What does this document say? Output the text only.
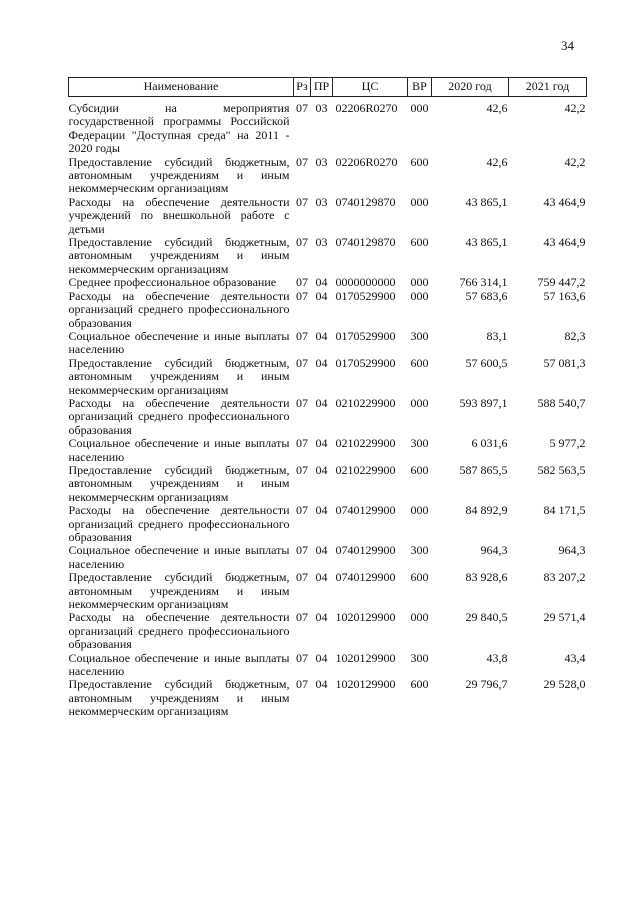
34
Наименование	Рз	ПР	ЦС	ВР	2020 год	2021 год
Субсидии на мероприятия государственной программы Российской Федерации "Доступная среда" на 2011 - 2020 годы	07	03	02206R0270	000	42,6	42,2
Предоставление субсидий бюджетным, автономным учреждениям и иным некоммерческим организациям	07	03	02206R0270	600	42,6	42,2
Расходы на обеспечение деятельности учреждений по внешкольной работе с детьми	07	03	0740129870	000	43 865,1	43 464,9
Предоставление субсидий бюджетным, автономным учреждениям и иным некоммерческим организациям	07	03	0740129870	600	43 865,1	43 464,9
Среднее профессиональное образование	07	04	0000000000	000	766 314,1	759 447,2
Расходы на обеспечение деятельности организаций среднего профессионального образования	07	04	0170529900	000	57 683,6	57 163,6
Социальное обеспечение и иные выплаты населению	07	04	0170529900	300	83,1	82,3
Предоставление субсидий бюджетным, автономным учреждениям и иным некоммерческим организациям	07	04	0170529900	600	57 600,5	57 081,3
Расходы на обеспечение деятельности организаций среднего профессионального образования	07	04	0210229900	000	593 897,1	588 540,7
Социальное обеспечение и иные выплаты населению	07	04	0210229900	300	6 031,6	5 977,2
Предоставление субсидий бюджетным, автономным учреждениям и иным некоммерческим организациям	07	04	0210229900	600	587 865,5	582 563,5
Расходы на обеспечение деятельности организаций среднего профессионального образования	07	04	0740129900	000	84 892,9	84 171,5
Социальное обеспечение и иные выплаты населению	07	04	0740129900	300	964,3	964,3
Предоставление субсидий бюджетным, автономным учреждениям и иным некоммерческим организациям	07	04	0740129900	600	83 928,6	83 207,2
Расходы на обеспечение деятельности организаций среднего профессионального образования	07	04	1020129900	000	29 840,5	29 571,4
Социальное обеспечение и иные выплаты населению	07	04	1020129900	300	43,8	43,4
Предоставление субсидий бюджетным, автономным учреждениям и иным некоммерческим организациям	07	04	1020129900	600	29 796,7	29 528,0
